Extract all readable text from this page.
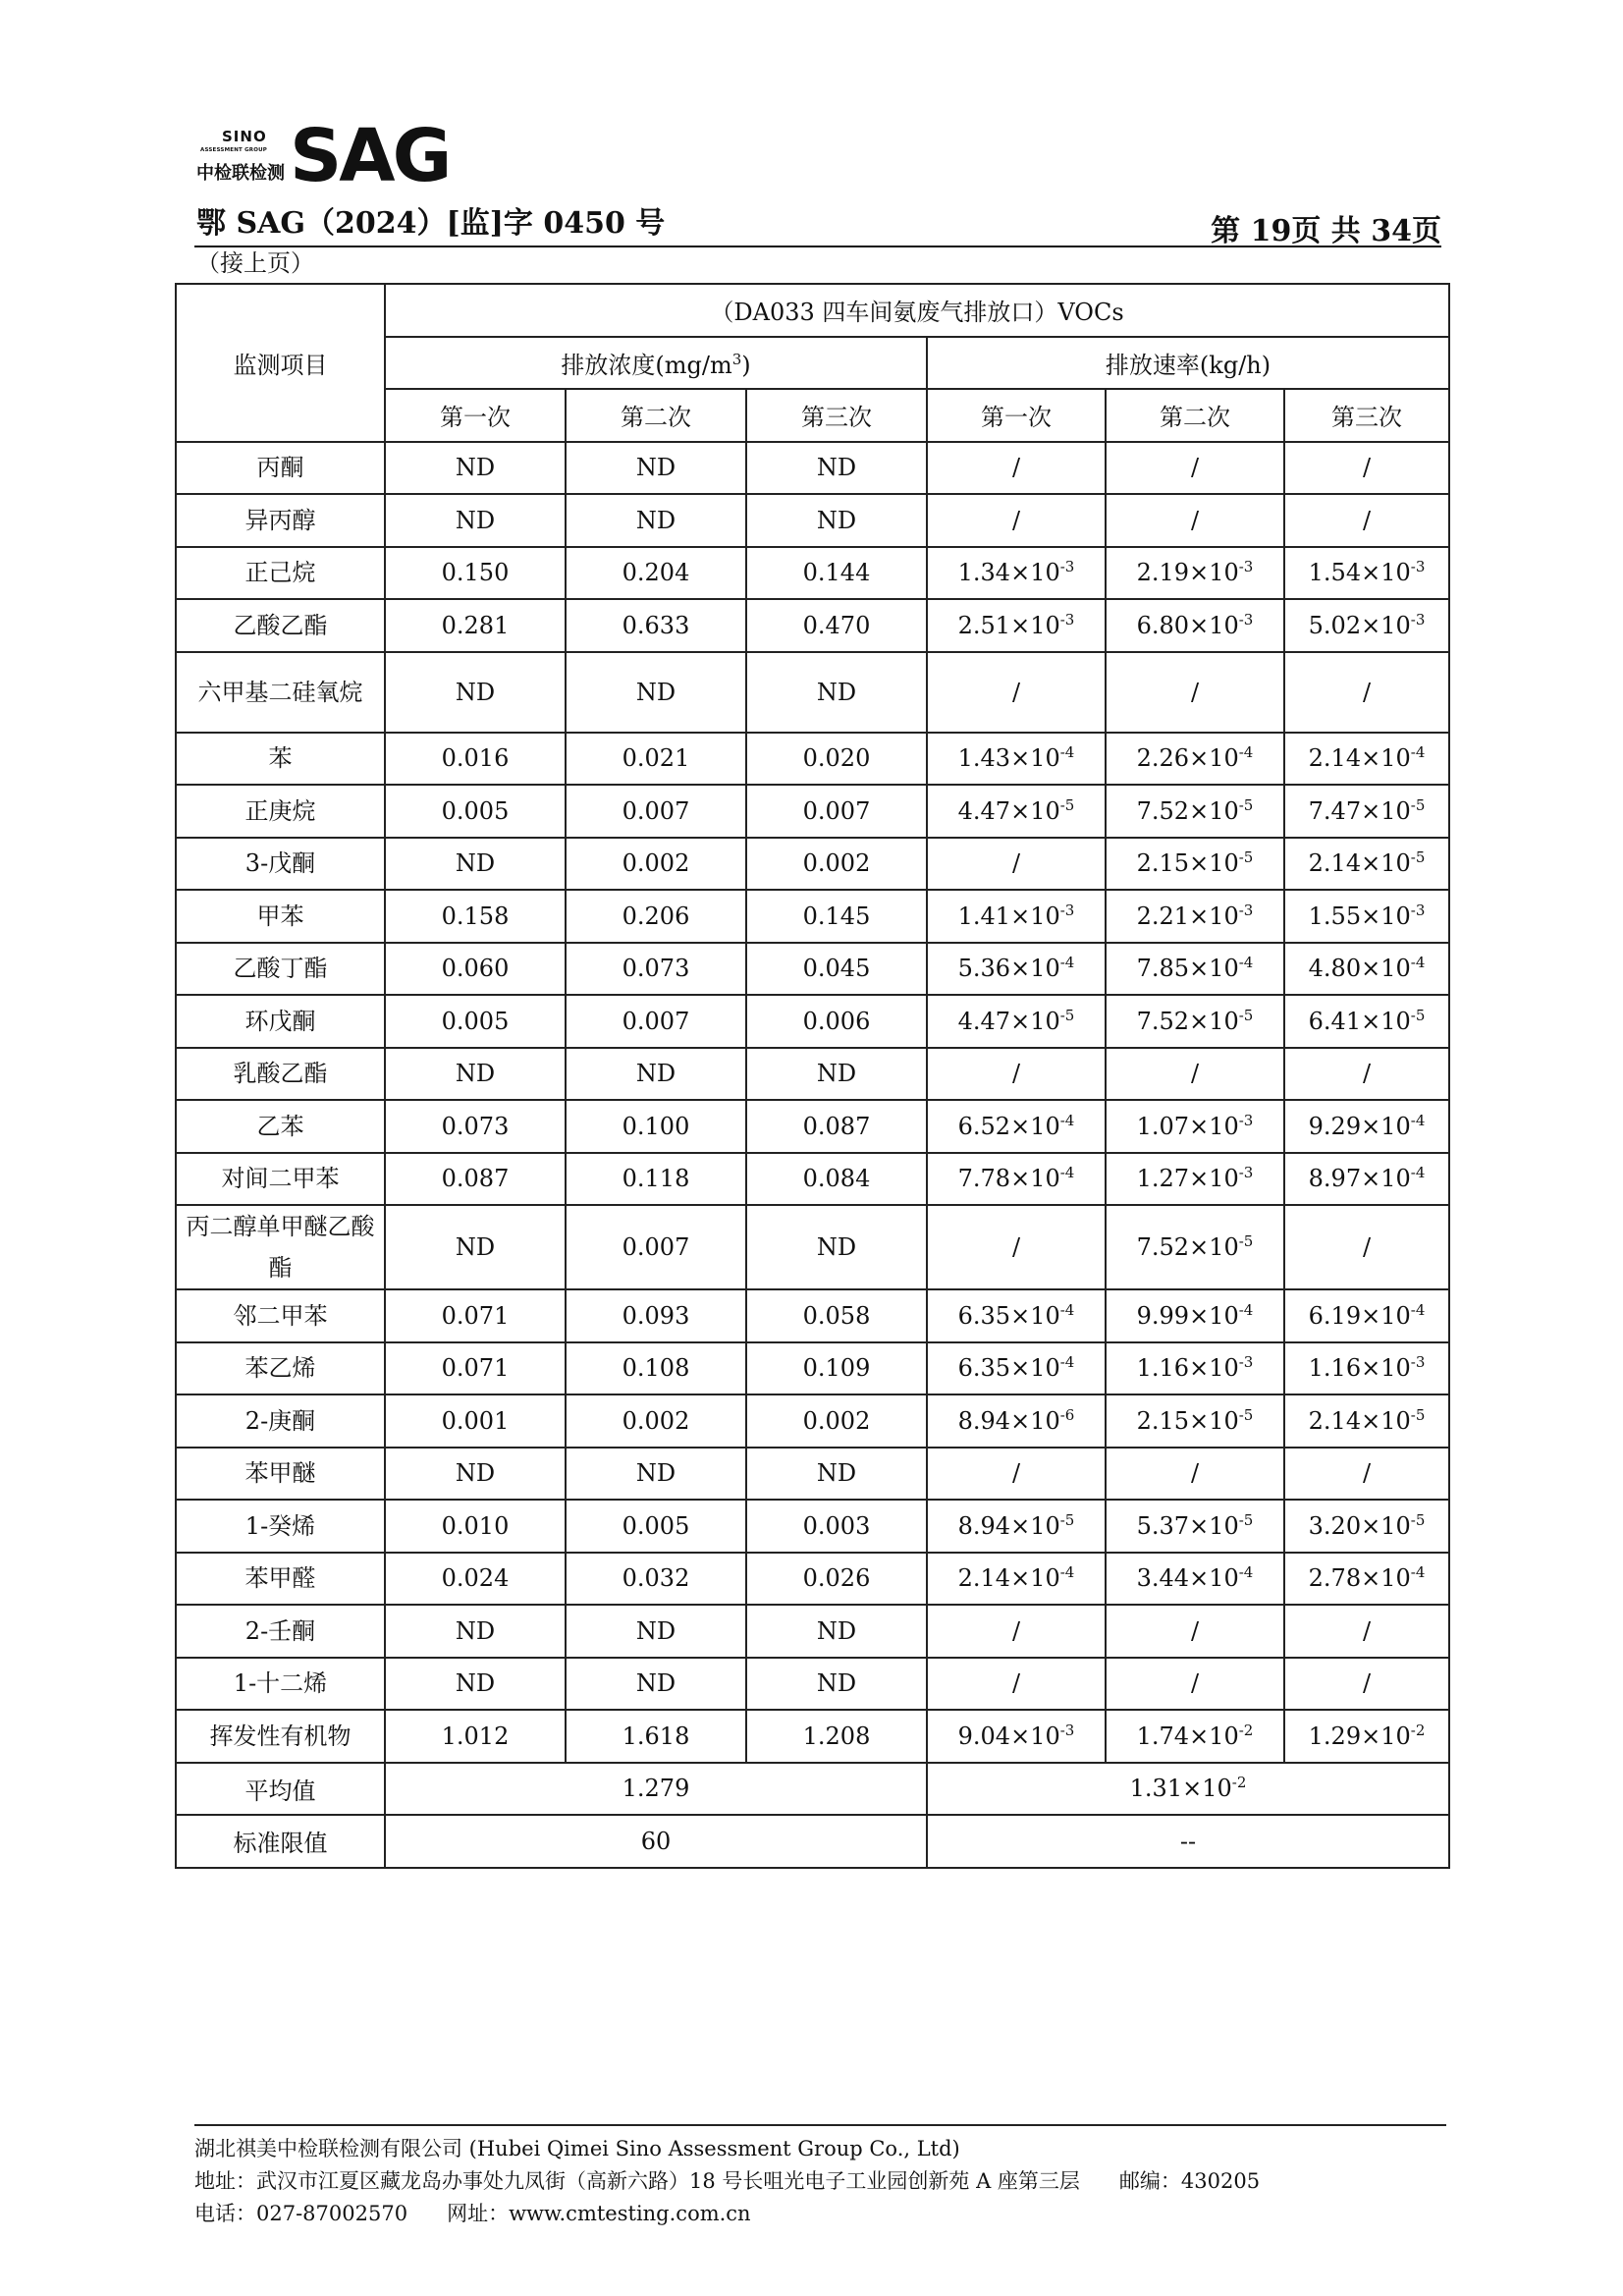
SINO
ASSESSMENT GROUP
中检联检测 SAG
鄂 SAG（2024）[监]字 0450 号	第 19页 共 34页
（接上页）
监测项目	（DA033 四车间氨废气排放口）VOCs					
	排放浓度$(mg/m^3)$			排放速率(kg/h)		
	第一次	第二次	第三次	第一次	第二次	第三次
丙酮	ND	ND	ND	/	/	/
异丙醇	ND	ND	ND	/	/	/
正己烷	0.150	0.204	0.144	$1.34\times 10^{-3}$	$2.19\times 10^{-3}$	$1.54\times 10^{-3}$
乙酸乙酯	0.281	0.633	0.470	$2.51\times 10^{-3}$	$6.80\times 10^{-3}$	$5.02\times 10^{-3}$
六甲基二硅氧烷	ND	ND	ND	/	/	/
苯	0.016	0.021	0.020	$1.43\times 10^{-4}$	$2.26\times 10^{-4}$	$2.14\times 10^{-4}$
正庚烷	0.005	0.007	0.007	$4.47\times 10^{-5}$	$7.52\times 10^{-5}$	$7.47\times 10^{-5}$
3-戊酮	ND	0.002	0.002	/	$2.15\times 10^{-5}$	$2.14\times 10^{-5}$
甲苯	0.158	0.206	0.145	$1.41\times 10^{-3}$	$2.21\times 10^{-3}$	$1.55\times 10^{-3}$
乙酸丁酯	0.060	0.073	0.045	$5.36\times 10^{-4}$	$7.85\times 10^{-4}$	$4.80\times 10^{-4}$
环戊酮	0.005	0.007	0.006	$4.47\times 10^{-5}$	$7.52\times 10^{-5}$	$6.41\times 10^{-5}$
乳酸乙酯	ND	ND	ND	/	/	/
乙苯	0.073	0.100	0.087	$6.52\times 10^{-4}$	$1.07\times 10^{-3}$	$9.29\times 10^{-4}$
对间二甲苯	0.087	0.118	0.084	$7.78\times 10^{-4}$	$1.27\times 10^{-3}$	$8.97\times 10^{-4}$
丙二醇单甲醚乙酸酯	ND	0.007	ND	/	$7.52\times 10^{-5}$	/
邻二甲苯	0.071	0.093	0.058	$6.35\times 10^{-4}$	$9.99\times 10^{-4}$	$6.19\times 10^{-4}$
苯乙烯	0.071	0.108	0.109	$6.35\times 10^{-4}$	$1.16\times 10^{-3}$	$1.16\times 10^{-3}$
2-庚酮	0.001	0.002	0.002	$8.94\times 10^{-6}$	$2.15\times 10^{-5}$	$2.14\times 10^{-5}$
苯甲醚	ND	ND	ND	/	/	/
1-癸烯	0.010	0.005	0.003	$8.94\times 10^{-5}$	$5.37\times 10^{-5}$	$3.20\times 10^{-5}$
苯甲醛	0.024	0.032	0.026	$2.14\times 10^{-4}$	$3.44\times 10^{-4}$	$2.78\times 10^{-4}$
2-壬酮	ND	ND	ND	/	/	/
1-十二烯	ND	ND	ND	/	/	/
挥发性有机物	1.012	1.618	1.208	$9.04\times 10^{-3}$	$1.74\times 10^{-2}$	$1.29\times 10^{-2}$
平均值	1.279			$1.31\times 10^{-2}$
标准限值	60			--		
湖北祺美中检联检测有限公司 (Hubei Qimei Sino Assessment Group Co., Ltd)
地址：武汉市江夏区藏龙岛办事处九凤街（高新六路）18 号长咀光电子工业园创新苑 A 座第三层 邮编：430205
电话：027-87002570 网址：www.cmtesting.com.cn
